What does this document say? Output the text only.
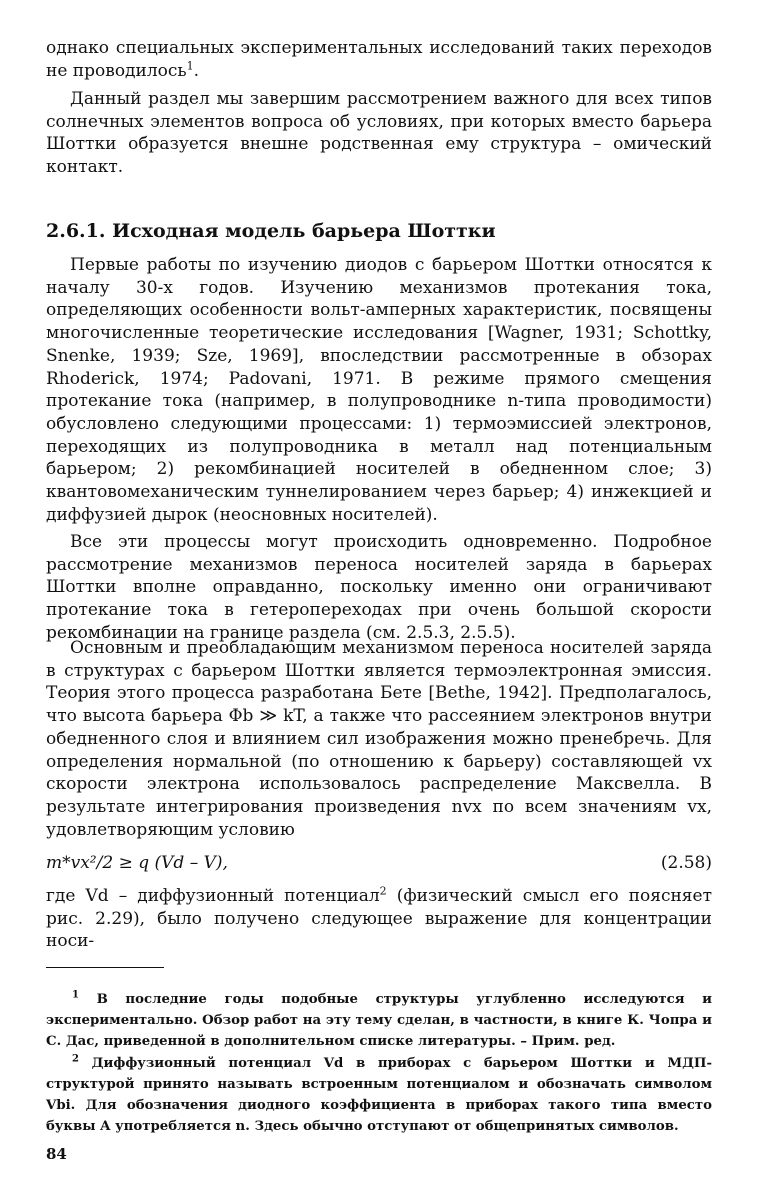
однако специальных экспериментальных исследований таких переходов не проводилось$^1$.
Данный раздел мы завершим рассмотрением важного для всех типов солнечных элементов вопроса об условиях, при которых вместо барьера Шоттки образуется внешне родственная ему структура – омический контакт.
2.6.1. Исходная модель барьера Шоттки
Первые работы по изучению диодов с барьером Шоттки относятся к началу 30-х годов. Изучению механизмов протекания тока, определяющих особенности вольт-амперных характеристик, посвящены многочисленные теоретические исследования [Wagner, 1931; Schottky, Snenke, 1939; Sze, 1969], впоследствии рассмотренные в обзорах Rhoderick, 1974; Padovani, 1971. В режиме прямого смещения протекание тока (например, в полупроводнике n-типа проводимости) обусловлено следующими процессами: 1) термоэмиссией электронов, переходящих из полупроводника в металл над потенциальным барьером; 2) рекомбинацией носителей в обедненном слое; 3) квантовомеханическим туннелированием через барьер; 4) инжекцией и диффузией дырок (неосновных носителей).
Все эти процессы могут происходить одновременно. Подробное рассмотрение механизмов переноса носителей заряда в барьерах Шоттки вполне оправданно, поскольку именно они ограничивают протекание тока в гетеропереходах при очень большой скорости рекомбинации на границе раздела (см. 2.5.3, 2.5.5).
Основным и преобладающим механизмом переноса носителей заряда в структурах с барьером Шоттки является термоэлектронная эмиссия. Теория этого процесса разработана Бете [Bethe, 1942]. Предполагалось, что высота барьера Φb ≫ kT, а также что рассеянием электронов внутри обедненного слоя и влиянием сил изображения можно пренебречь. Для определения нормальной (по отношению к барьеру) составляющей vx скорости электрона использовалось распределение Максвелла. В результате интегрирования произведения nvx по всем значениям vx, удовлетворяющим условию
m*vx²/2 ≥ q (Vd – V),	(2.58)
где Vd – диффузионный потенциал$^2$ (физический смысл его поясняет рис. 2.29), было получено следующее выражение для концентрации носи-
$^1$ В последние годы подобные структуры углубленно исследуются и экспериментально. Обзор работ на эту тему сделан, в частности, в книге К. Чопра и С. Дас, приведенной в дополнительном списке литературы. – Прим. ред.
$^2$ Диффузионный потенциал Vd в приборах с барьером Шоттки и МДП-структурой принято называть встроенным потенциалом и обозначать символом Vbi. Для обозначения диодного коэффициента в приборах такого типа вместо буквы A употребляется n. Здесь обычно отступают от общепринятых символов.
84
